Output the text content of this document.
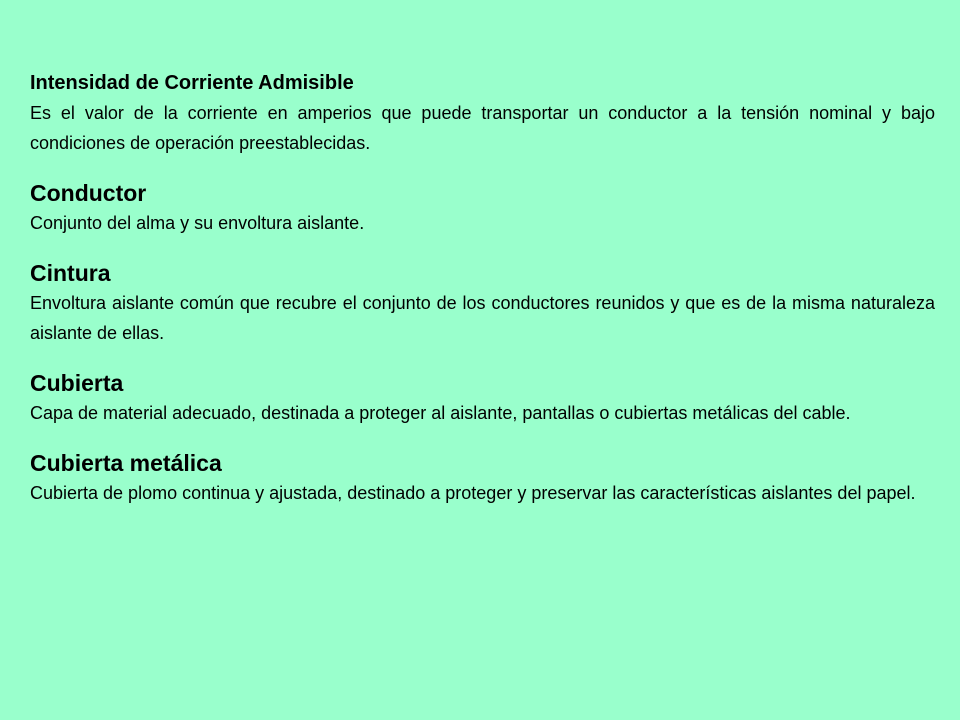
Intensidad de Corriente Admisible

Es el valor de la corriente en amperios que puede transportar un conductor a la tensión nominal y bajo condiciones de operación preestablecidas.

Conductor

Conjunto del alma y su envoltura aislante.

Cintura

Envoltura aislante común que recubre el conjunto de los conductores reunidos y que es de la misma naturaleza aislante de ellas.

Cubierta

Capa de material adecuado, destinada a proteger al aislante, pantallas o cubiertas metálicas del cable.

Cubierta metálica

Cubierta de plomo continua y ajustada, destinado a proteger y preservar las características aislantes del papel.
